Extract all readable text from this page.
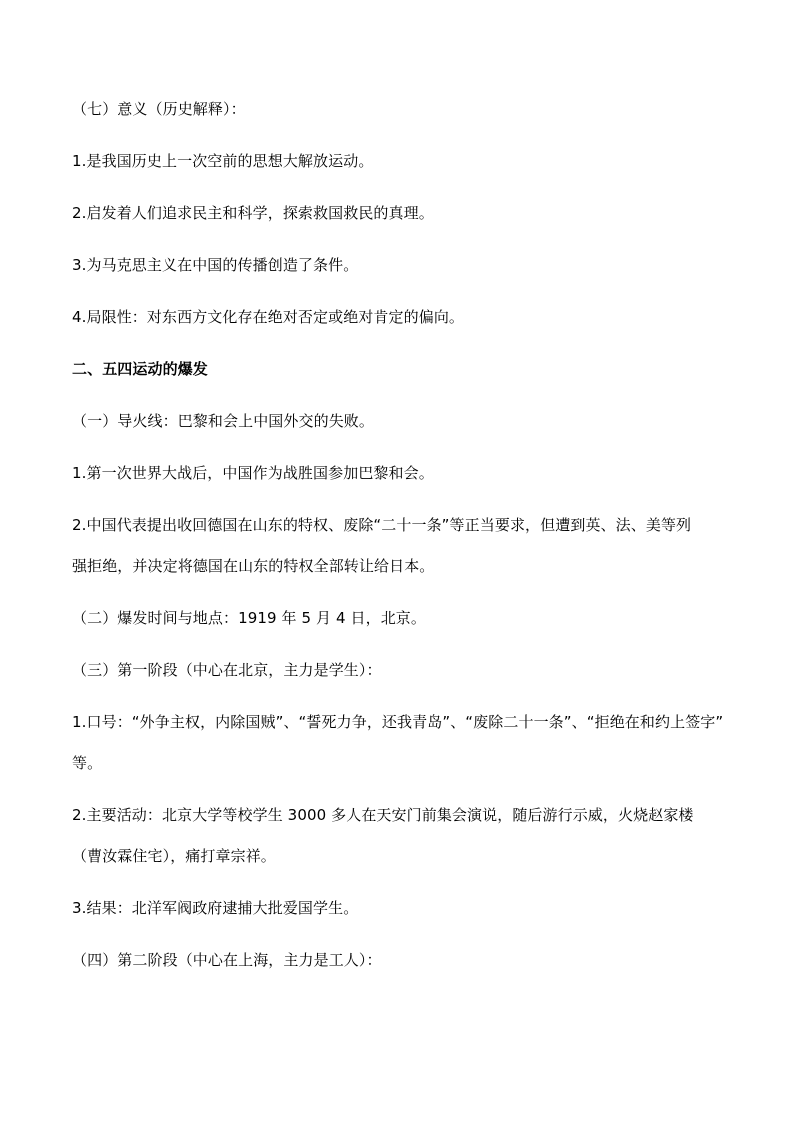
（七）意义（历史解释）：

1.是我国历史上一次空前的思想大解放运动。

2.启发着人们追求民主和科学，探索救国救民的真理。

3.为马克思主义在中国的传播创造了条件。

4.局限性：对东西方文化存在绝对否定或绝对肯定的偏向。

二、五四运动的爆发

（一）导火线：巴黎和会上中国外交的失败。

1.第一次世界大战后，中国作为战胜国参加巴黎和会。

2.中国代表提出收回德国在山东的特权、废除“二十一条”等正当要求，但遭到英、法、美等列
强拒绝，并决定将德国在山东的特权全部转让给日本。

（二）爆发时间与地点：1919 年 5 月 4 日，北京。

（三）第一阶段（中心在北京，主力是学生）：

1.口号：“外争主权，内除国贼”、“誓死力争，还我青岛”、“废除二十一条”、“拒绝在和约上签字”
等。

2.主要活动：北京大学等校学生 3000 多人在天安门前集会演说，随后游行示威，火烧赵家楼
（曹汝霖住宅），痛打章宗祥。

3.结果：北洋军阀政府逮捕大批爱国学生。

（四）第二阶段（中心在上海，主力是工人）：
